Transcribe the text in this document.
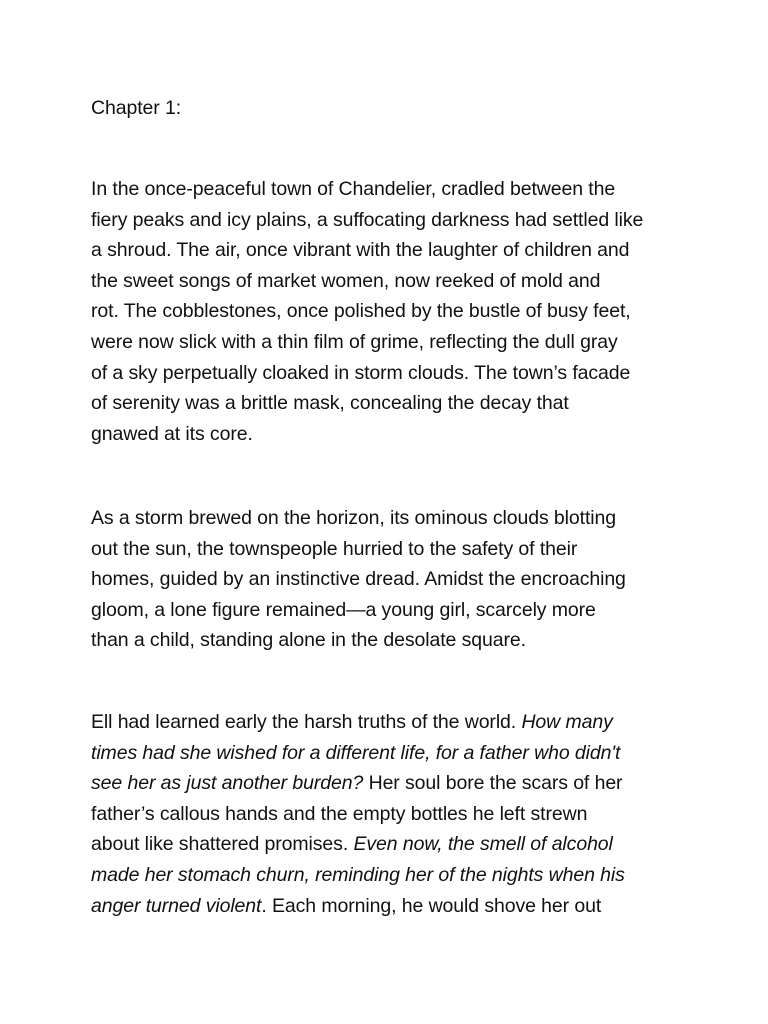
Chapter 1:

In the once-peaceful town of Chandelier, cradled between the
fiery peaks and icy plains, a suffocating darkness had settled like
a shroud. The air, once vibrant with the laughter of children and
the sweet songs of market women, now reeked of mold and
rot. The cobblestones, once polished by the bustle of busy feet,
were now slick with a thin film of grime, reflecting the dull gray
of a sky perpetually cloaked in storm clouds. The town’s facade
of serenity was a brittle mask, concealing the decay that
gnawed at its core.
As a storm brewed on the horizon, its ominous clouds blotting
out the sun, the townspeople hurried to the safety of their
homes, guided by an instinctive dread. Amidst the encroaching
gloom, a lone figure remained—a young girl, scarcely more
than a child, standing alone in the desolate square.
Ell had learned early the harsh truths of the world. How many
times had she wished for a different life, for a father who didn't
see her as just another burden? Her soul bore the scars of her
father’s callous hands and the empty bottles he left strewn
about like shattered promises. Even now, the smell of alcohol
made her stomach churn, reminding her of the nights when his
anger turned violent. Each morning, he would shove her out
